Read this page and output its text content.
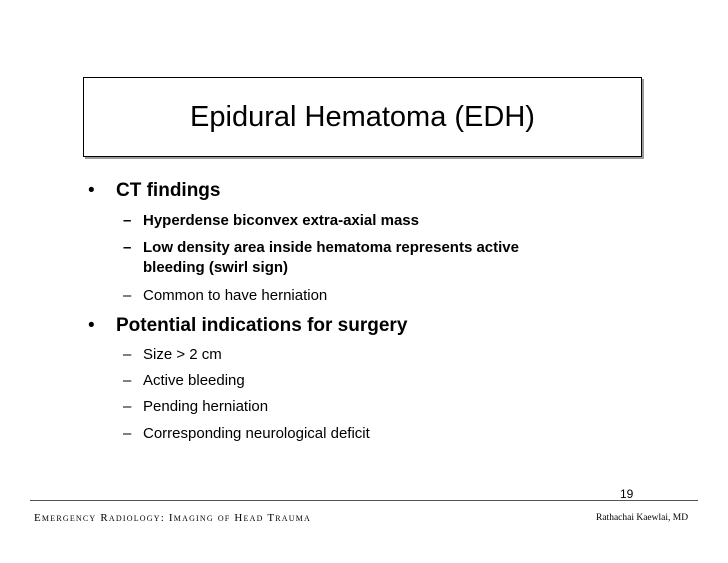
Epidural Hematoma (EDH)
• CT findings
– Hyperdense biconvex extra-axial mass
– Low density area inside hematoma represents active
bleeding (swirl sign)
– Common to have herniation
• Potential indications for surgery
– Size > 2 cm
– Active bleeding
– Pending herniation
– Corresponding neurological deficit
19
Emergency Radiology: Imaging of Head Trauma	Rathachai Kaewlai, MD
